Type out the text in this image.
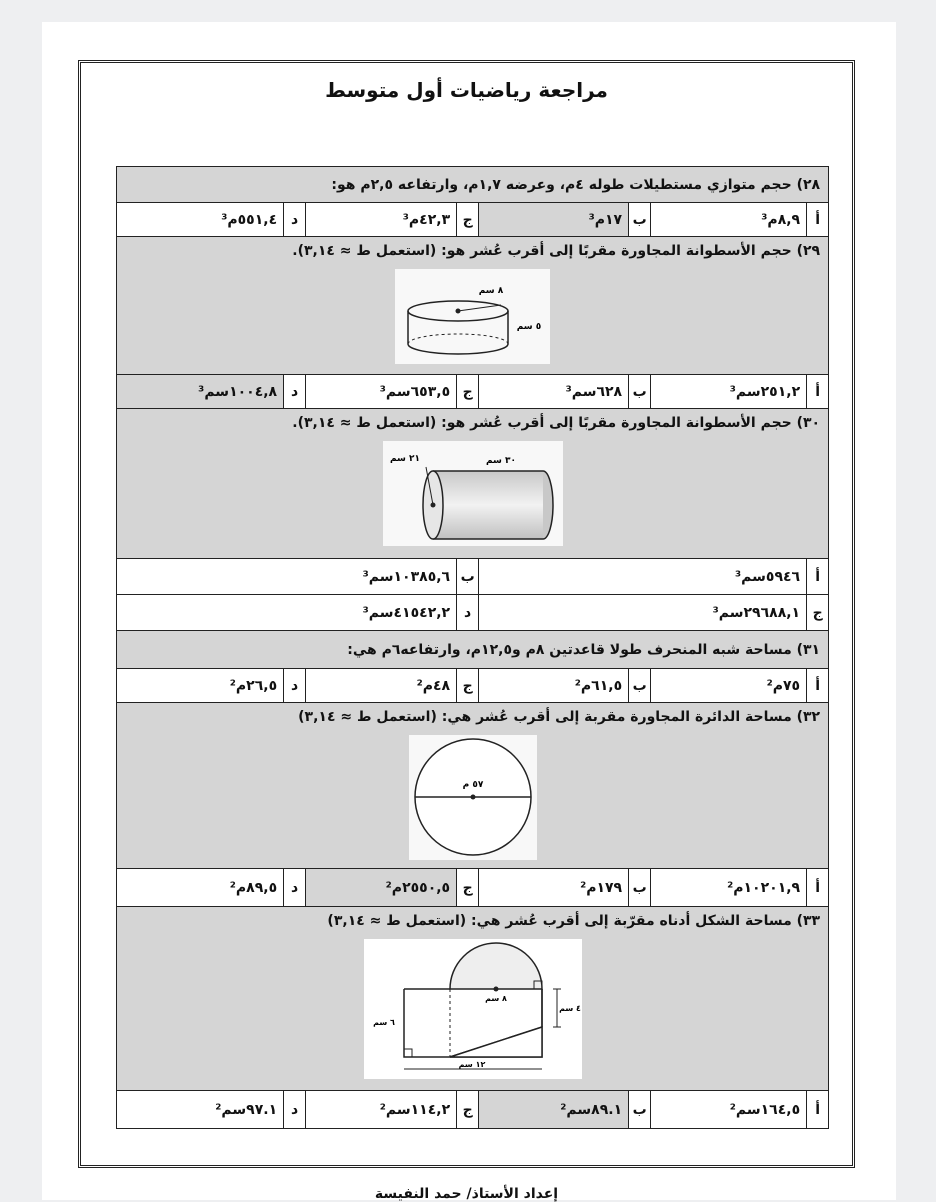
مراجعة رياضيات أول متوسط
٢٨) حجم متوازي مستطيلات طوله ٤م، وعرضه ١,٧م، وارتفاعه ٢,٥م هو:							
أ	٨,٩م³	ب	١٧م³	ج	٤٢,٣م³	د	٥٥١,٤م³

٢٩) حجم الأسطوانة المجاورة مقربًا إلى أقرب عُشر هو: (استعمل ط ≈ ٣,١٤).
٨ سم
٥ سم							

أ	٢٥١,٢سم³	ب	٦٢٨سم³	ج	٦٥٣,٥سم³	د	١٠٠٤,٨سم³

٣٠) حجم الأسطوانة المجاورة مقربًا إلى أقرب عُشر هو: (استعمل ط ≈ ٣,١٤).
٢١ سم ٣٠ سم							

أ	٥٩٤٦سم³			ب	١٠٣٨٥,٦سم³		
ج	٢٩٦٨٨,١سم³			د	٤١٥٤٢,٢سم³		
٣١) مساحة شبه المنحرف طولا قاعدتين ٨م و١٢,٥م، وارتفاعه٦م هي:							
أ	٧٥م²	ب	٦١,٥م²	ج	٤٨م²	د	٢٦,٥م²

٣٢) مساحة الدائرة المجاورة مقربة إلى أقرب عُشر هي: (استعمل ط ≈ ٣,١٤)
٥٧ م							

أ	١٠٢٠١,٩م²	ب	١٧٩م²	ج	٢٥٥٠,٥م²	د	٨٩,٥م²

٣٣) مساحة الشكل أدناه مقرّبة إلى أقرب عُشر هي: (استعمل ط ≈ ٣,١٤)
٨ سم
٦ سم
١٢ سم
٤ سم							

أ	١٦٤,٥سم²	ب	٨٩.١سم²	ج	١١٤,٢سم²	د	٩٧.١سم²
إعداد الأستاذ/ حمد النفيسة
